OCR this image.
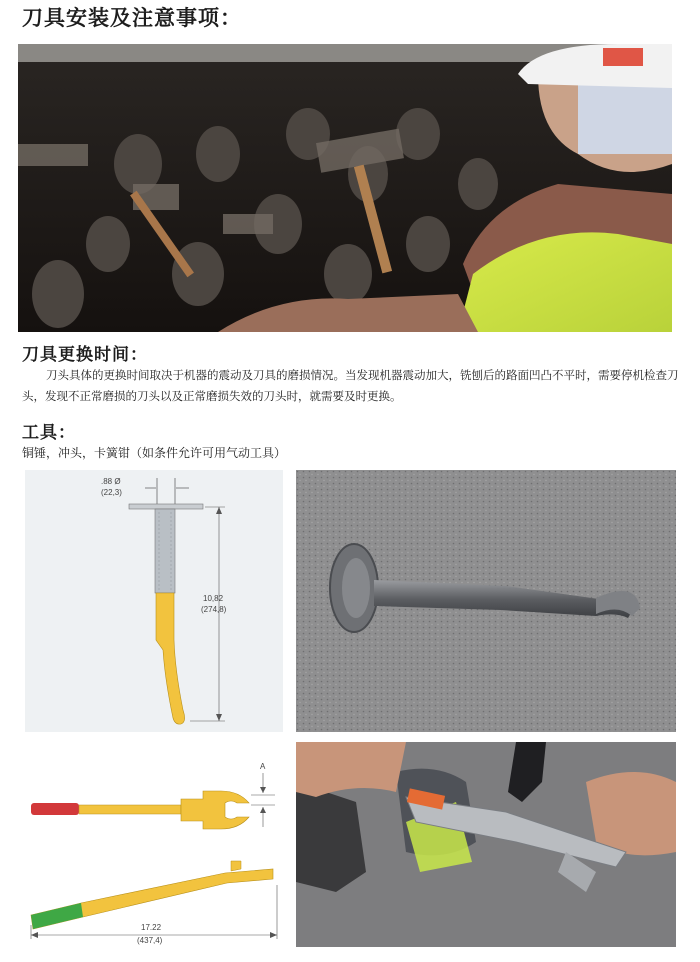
刀具安装及注意事项：
刀具更换时间：
刀头具体的更换时间取决于机器的震动及刀具的磨损情况。当发现机器震动加大，铣刨后的路面凹凸不平时，需要停机检查刀头，发现不正常磨损的刀头以及正常磨损失效的刀头时，就需要及时更换。
工具：
铜锤，冲头，卡簧钳（如条件允许可用气动工具）
.88 Ø
(22,3)
10,82
(274,8)
A
17.22
(437,4)
